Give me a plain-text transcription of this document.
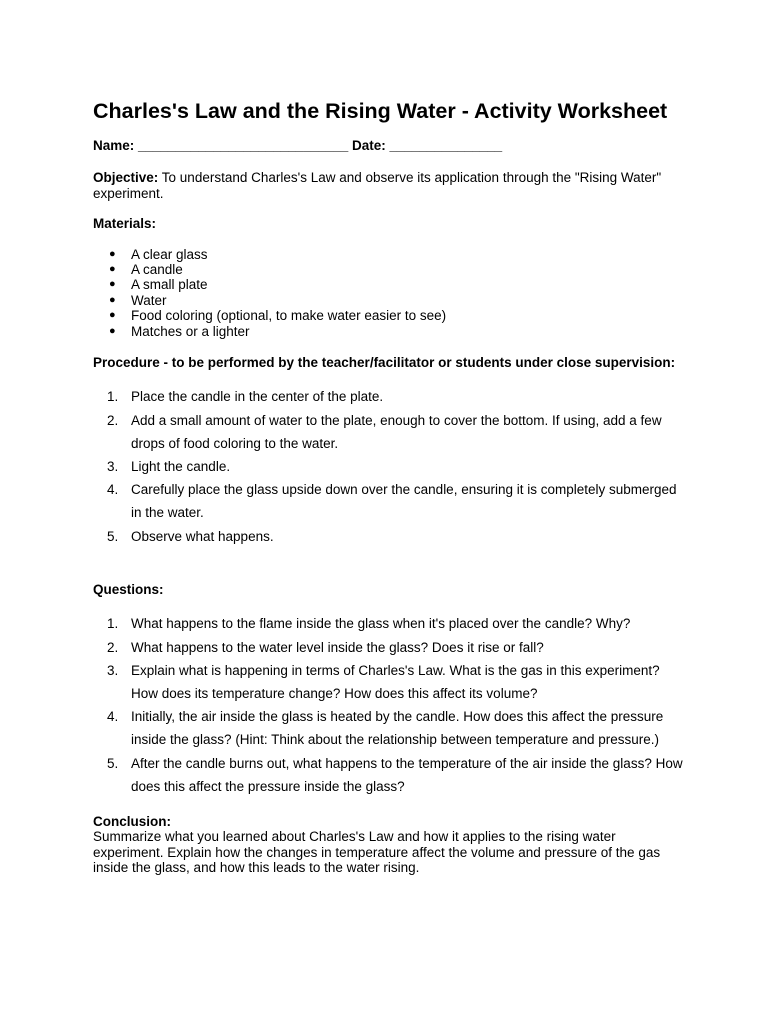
Charles's Law and the Rising Water - Activity Worksheet
Name: ____________________________ Date: _______________

Objective: To understand Charles's Law and observe its application through the "Rising Water" experiment.

Materials:

● A clear glass
● A candle
● A small plate
● Water
● Food coloring (optional, to make water easier to see)
● Matches or a lighter

Procedure - to be performed by the teacher/facilitator or students under close supervision:

1. Place the candle in the center of the plate.
2. Add a small amount of water to the plate, enough to cover the bottom. If using, add a few drops of food coloring to the water.
3. Light the candle.
4. Carefully place the glass upside down over the candle, ensuring it is completely submerged in the water.
5. Observe what happens.

Questions:

1. What happens to the flame inside the glass when it's placed over the candle? Why?
2. What happens to the water level inside the glass? Does it rise or fall?
3. Explain what is happening in terms of Charles's Law. What is the gas in this experiment? How does its temperature change? How does this affect its volume?
4. Initially, the air inside the glass is heated by the candle. How does this affect the pressure inside the glass? (Hint: Think about the relationship between temperature and pressure.)
5. After the candle burns out, what happens to the temperature of the air inside the glass? How does this affect the pressure inside the glass?

Conclusion:

Summarize what you learned about Charles's Law and how it applies to the rising water experiment. Explain how the changes in temperature affect the volume and pressure of the gas inside the glass, and how this leads to the water rising.
